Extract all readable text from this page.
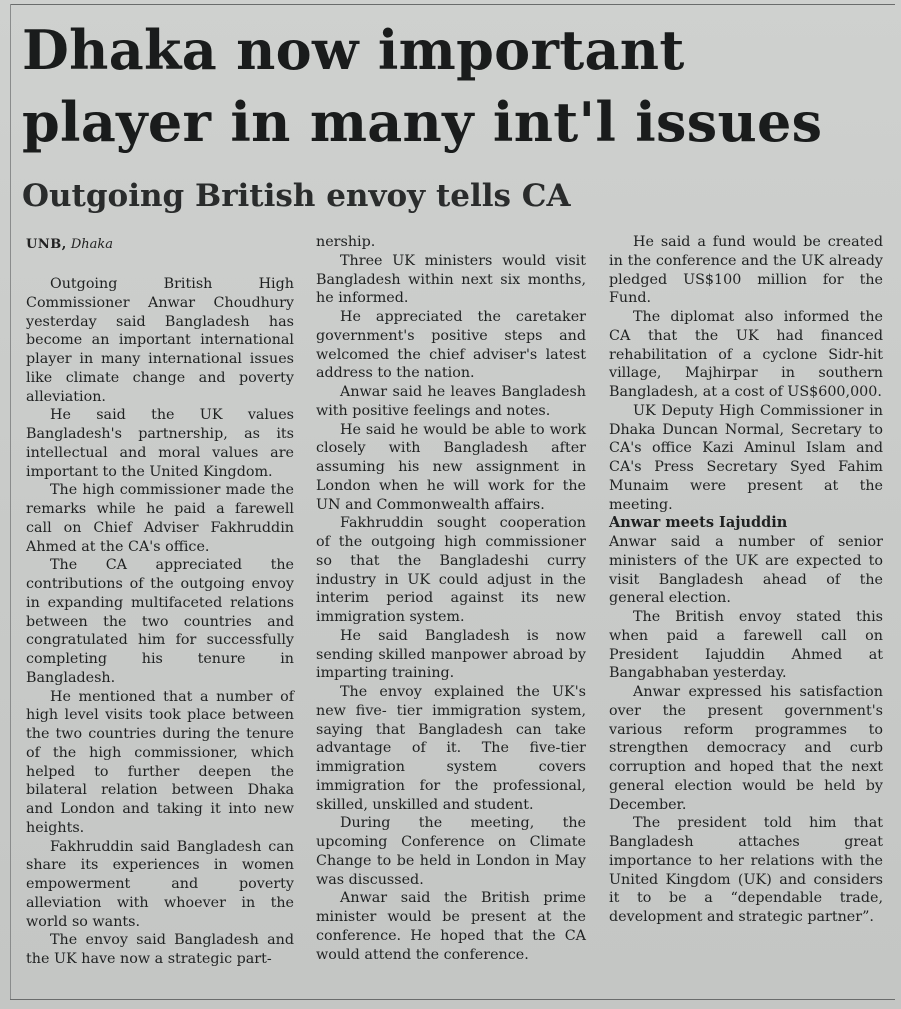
Dhaka now important player in many int'l issues
Outgoing British envoy tells CA
UNB, Dhaka

Outgoing British High Commissioner Anwar Choudhury yesterday said Bangladesh has become an important international player in many international issues like climate change and poverty alleviation.

He said the UK values Bangladesh's partnership, as its intellectual and moral values are important to the United Kingdom.

The high commissioner made the remarks while he paid a farewell call on Chief Adviser Fakhruddin Ahmed at the CA's office.

The CA appreciated the contributions of the outgoing envoy in expanding multifaceted relations between the two countries and congratulated him for successfully completing his tenure in Bangladesh.

He mentioned that a number of high level visits took place between the two countries during the tenure of the high commissioner, which helped to further deepen the bilateral relation between Dhaka and London and taking it into new heights.

Fakhruddin said Bangladesh can share its experiences in women empowerment and poverty alleviation with whoever in the world so wants.

The envoy said Bangladesh and the UK have now a strategic part-

nership.

Three UK ministers would visit Bangladesh within next six months, he informed.

He appreciated the caretaker government's positive steps and welcomed the chief adviser's latest address to the nation.

Anwar said he leaves Bangladesh with positive feelings and notes.

He said he would be able to work closely with Bangladesh after assuming his new assignment in London when he will work for the UN and Commonwealth affairs.

Fakhruddin sought cooperation of the outgoing high commissioner so that the Bangladeshi curry industry in UK could adjust in the interim period against its new immigration system.

He said Bangladesh is now sending skilled manpower abroad by imparting training.

The envoy explained the UK's new five- tier immigration system, saying that Bangladesh can take advantage of it. The five-tier immigration system covers immigration for the professional, skilled, unskilled and student.

During the meeting, the upcoming Conference on Climate Change to be held in London in May was discussed.

Anwar said the British prime minister would be present at the conference. He hoped that the CA would attend the conference.

He said a fund would be created in the conference and the UK already pledged US$100 million for the Fund.

The diplomat also informed the CA that the UK had financed rehabilitation of a cyclone Sidr-hit village, Majhirpar in southern Bangladesh, at a cost of US$600,000.

UK Deputy High Commissioner in Dhaka Duncan Normal, Secretary to CA's office Kazi Aminul Islam and CA's Press Secretary Syed Fahim Munaim were present at the meeting.

Anwar meets Iajuddin

Anwar said a number of senior ministers of the UK are expected to visit Bangladesh ahead of the general election.

The British envoy stated this when paid a farewell call on President Iajuddin Ahmed at Bangabhaban yesterday.

Anwar expressed his satisfaction over the present government's various reform programmes to strengthen democracy and curb corruption and hoped that the next general election would be held by December.

The president told him that Bangladesh attaches great importance to her relations with the United Kingdom (UK) and considers it to be a “dependable trade, development and strategic partner”.
